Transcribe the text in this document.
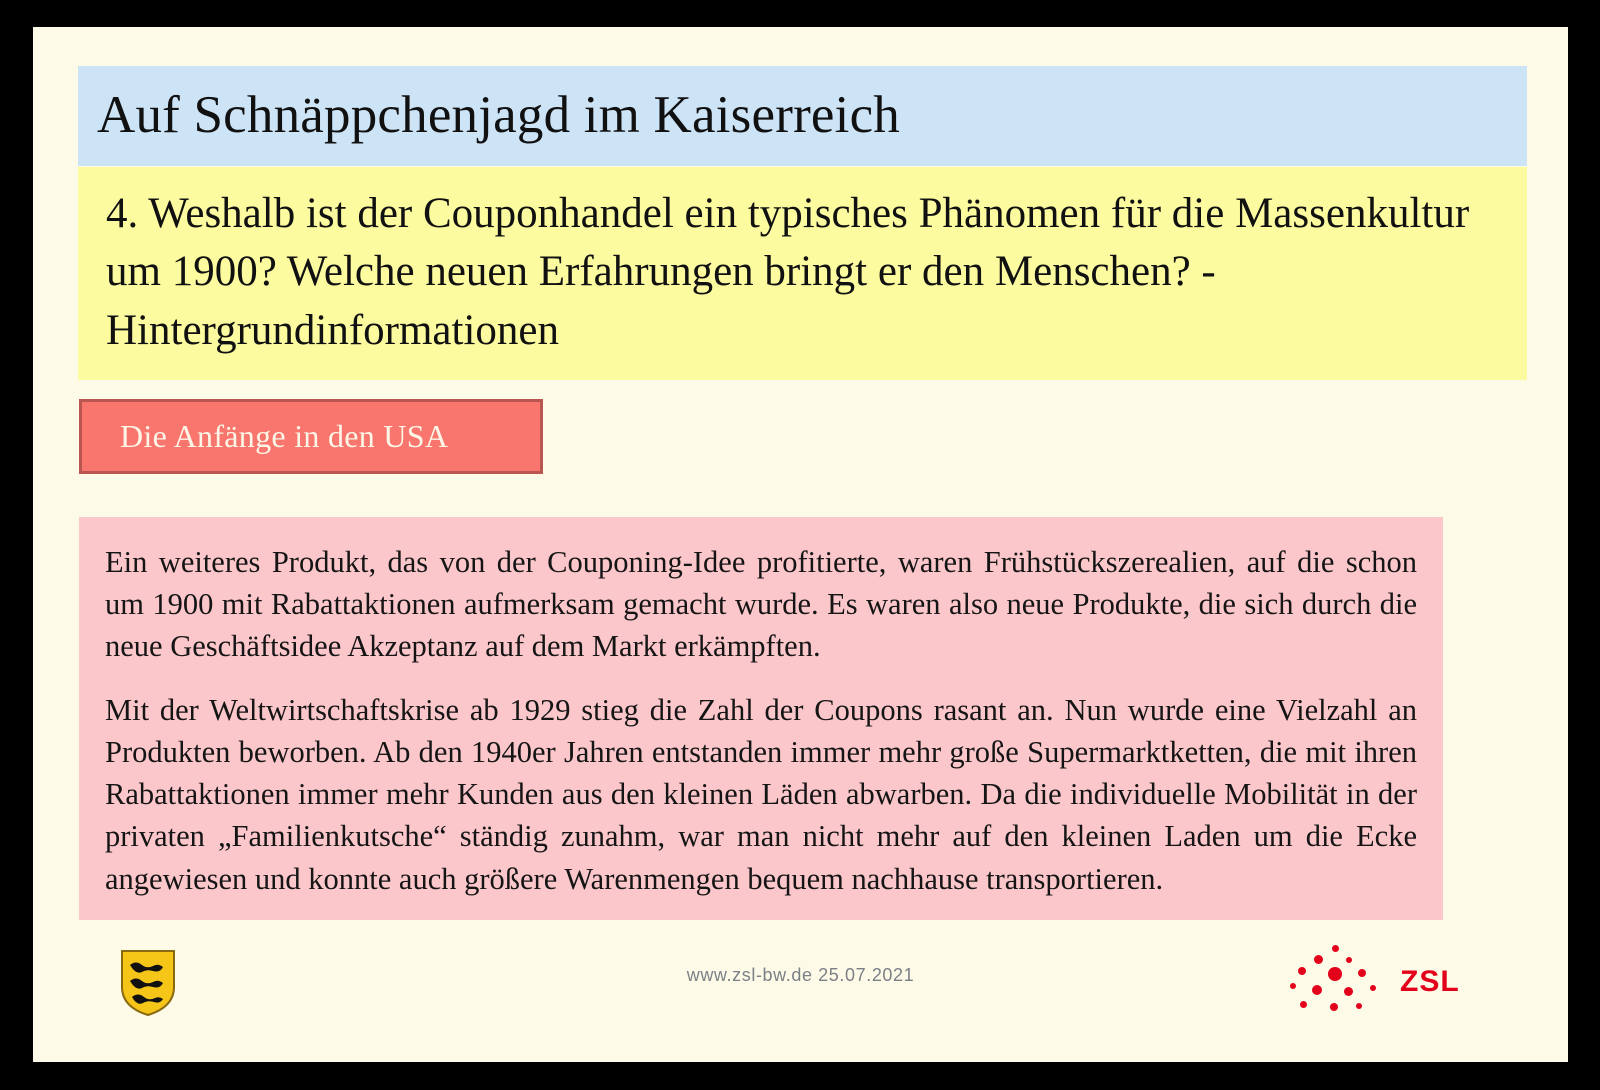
Auf Schnäppchenjagd im Kaiserreich
4. Weshalb ist der Couponhandel ein typisches Phänomen für die Massenkultur um 1900? Welche neuen Erfahrungen bringt er den Menschen? - Hintergrundinformationen
Die Anfänge in den USA

Ein weiteres Produkt, das von der Couponing-Idee profitierte, waren Frühstückszerealien, auf die schon um 1900 mit Rabattaktionen aufmerksam gemacht wurde. Es waren also neue Produkte, die sich durch die neue Geschäftsidee Akzeptanz auf dem Markt erkämpften.

Mit der Weltwirtschaftskrise ab 1929 stieg die Zahl der Coupons rasant an. Nun wurde eine Vielzahl an Produkten beworben. Ab den 1940er Jahren entstanden immer mehr große Supermarktketten, die mit ihren Rabattaktionen immer mehr Kunden aus den kleinen Läden abwarben. Da die individuelle Mobilität in der privaten „Familienkutsche“ ständig zunahm, war man nicht mehr auf den kleinen Laden um die Ecke angewiesen und konnte auch größere Warenmengen bequem nachhause transportieren.

www.zsl-bw.de 25.07.2021	ZSL
